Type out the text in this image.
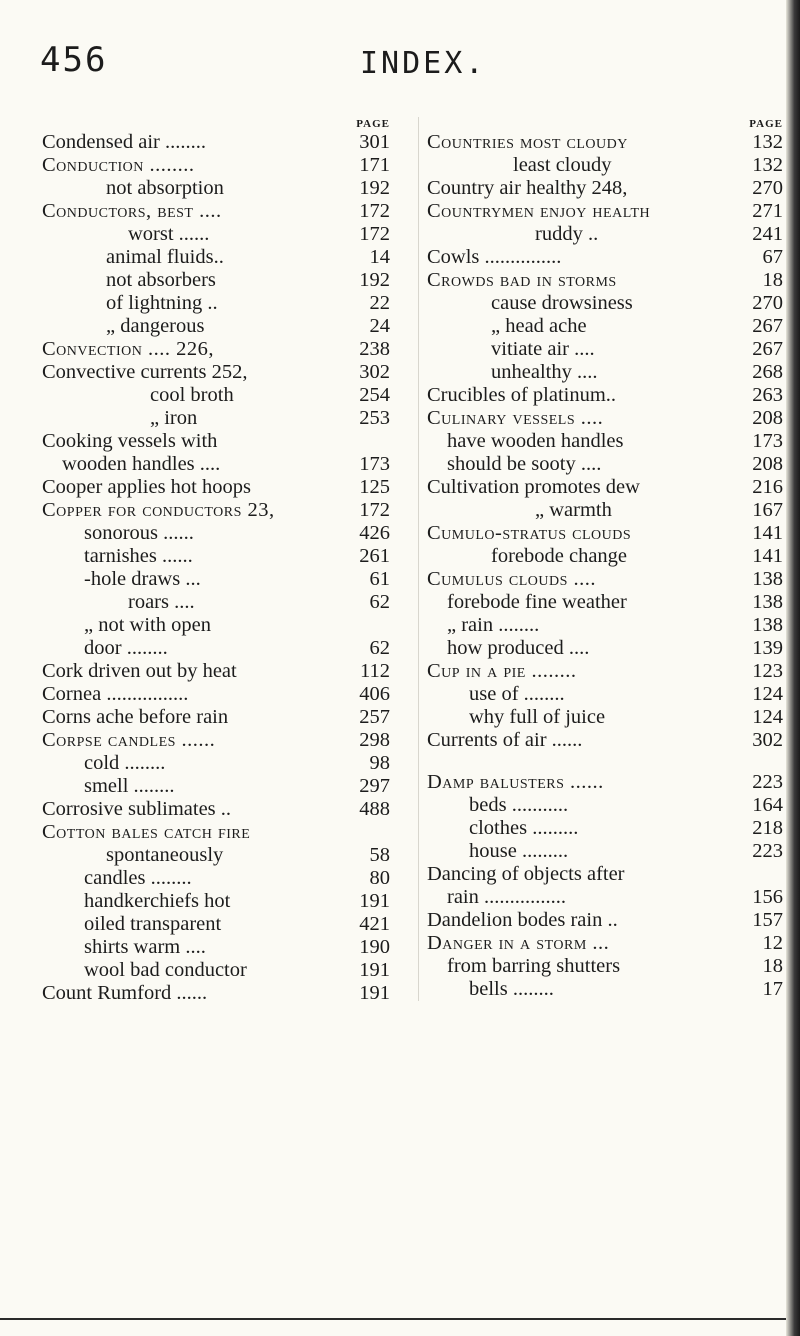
456	INDEX.
PAGE
Condensed air ........	301
Conduction ........	171
not absorption	192
Conductors, best ....	172
worst ......	172
animal fluids..	14
not absorbers	192
of lightning ..	22
„ dangerous	24
Convection .... 226,	238
Convective currents 252,	302
cool broth	254
„ iron	253
Cooking vessels with
wooden handles ....	173
Cooper applies hot hoops	125
Copper for conductors 23,	172
sonorous ......	426
tarnishes ......	261
-hole draws ...	61
roars ....	62
„ not with open
door ........	62
Cork driven out by heat	112
Cornea ................	406
Corns ache before rain	257
Corpse candles ......	298
cold ........	98
smell ........	297
Corrosive sublimates ..	488
Cotton bales catch fire
spontaneously	58
candles ........	80
handkerchiefs hot	191
oiled transparent	421
shirts warm ....	190
wool bad conductor	191
Count Rumford ......	191
PAGE
Countries most cloudy	132
least cloudy	132
Country air healthy 248,	270
Countrymen enjoy health	271
ruddy ..	241
Cowls ...............	67
Crowds bad in storms	18
cause drowsiness	270
„ head ache	267
vitiate air ....	267
unhealthy ....	268
Crucibles of platinum..	263
Culinary vessels ....	208
have wooden handles	173
should be sooty ....	208
Cultivation promotes dew	216
„ warmth	167
Cumulo-stratus clouds	141
forebode change	141
Cumulus clouds ....	138
forebode fine weather	138
„ rain ........	138
how produced ....	139
Cup in a pie ........	123
use of ........	124
why full of juice	124
Currents of air ......	302
Damp balusters ......	223
beds ...........	164
clothes .........	218
house .........	223
Dancing of objects after
rain ................	156
Dandelion bodes rain ..	157
Danger in a storm ...	12
from barring shutters	18
bells ........	17
